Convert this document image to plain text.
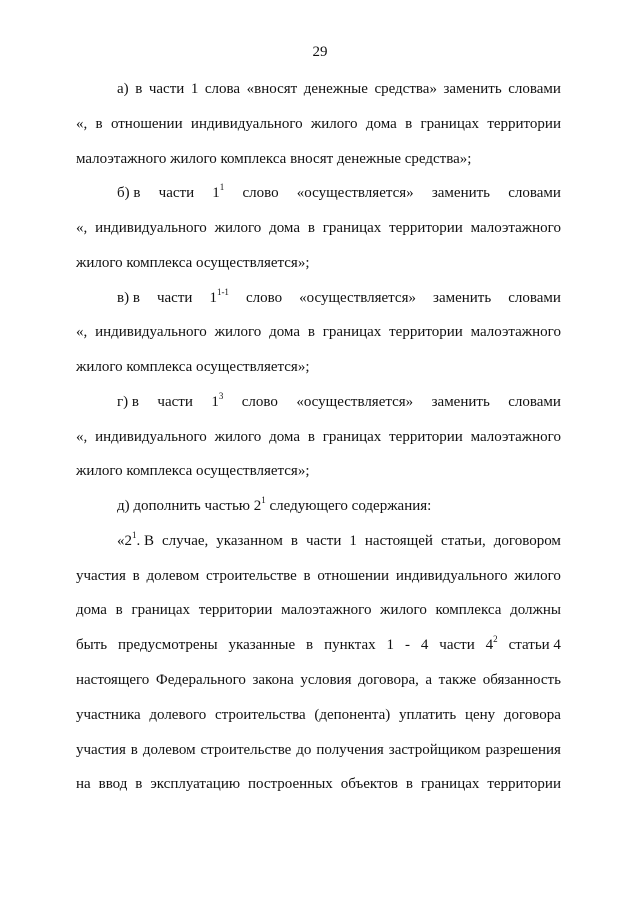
29
а) в части 1 слова «вносят денежные средства» заменить словами
«, в отношении индивидуального жилого дома в границах территории
малоэтажного жилого комплекса вносят денежные средства»;
б) в части $1^1$ слово «осуществляется» заменить словами
«, индивидуального жилого дома в границах территории малоэтажного
жилого комплекса осуществляется»;
в) в части 1$^{1-1}$ слово «осуществляется» заменить словами
«, индивидуального жилого дома в границах территории малоэтажного
жилого комплекса осуществляется»;
г) в части $1^3$ слово «осуществляется» заменить словами
«, индивидуального жилого дома в границах территории малоэтажного
жилого комплекса осуществляется»;
д) дополнить частью $2^1$ следующего содержания:
«$2^1$. В случае, указанном в части 1 настоящей статьи, договором
участия в долевом строительстве в отношении индивидуального жилого
дома в границах территории малоэтажного жилого комплекса должны
быть предусмотрены указанные в пунктах 1 - 4 части $4^2$ статьи 4
настоящего Федерального закона условия договора, а также обязанность
участника долевого строительства (депонента) уплатить цену договора
участия в долевом строительстве до получения застройщиком разрешения
на ввод в эксплуатацию построенных объектов в границах территории
